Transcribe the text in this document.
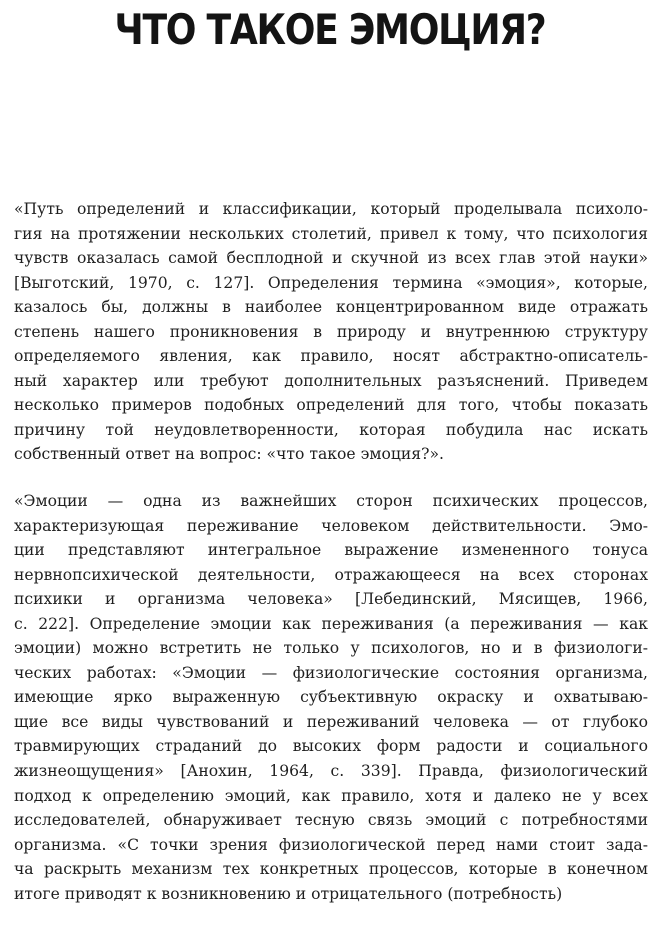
ЧТО ТАКОЕ ЭМОЦИЯ?
«Путь определений и классификации, который проделывала психоло-
гия на протяжении нескольких столетий, привел к тому, что психология
чувств оказалась самой бесплодной и скучной из всех глав этой науки»
[Выготский, 1970, с. 127]. Определения термина «эмоция», которые,
казалось бы, должны в наиболее концентрированном виде отражать
степень нашего проникновения в природу и внутреннюю структуру
определяемого явления, как правило, носят абстрактно-описатель-
ный характер или требуют дополнительных разъяснений. Приведем
несколько примеров подобных определений для того, чтобы показать
причину той неудовлетворенности, которая побудила нас искать
собственный ответ на вопрос: «что такое эмоция?».
«Эмоции — одна из важнейших сторон психических процессов,
характеризующая переживание человеком действительности. Эмо-
ции представляют интегральное выражение измененного тонуса
нервнопсихической деятельности, отражающееся на всех сторонах
психики и организма человека» [Лебединский, Мясищев, 1966,
с. 222]. Определение эмоции как переживания (а переживания — как
эмоции) можно встретить не только у психологов, но и в физиологи-
ческих работах: «Эмоции — физиологические состояния организма,
имеющие ярко выраженную субъективную окраску и охватываю-
щие все виды чувствований и переживаний человека — от глубоко
травмирующих страданий до высоких форм радости и социального
жизнеощущения» [Анохин, 1964, с. 339]. Правда, физиологический
подход к определению эмоций, как правило, хотя и далеко не у всех
исследователей, обнаруживает тесную связь эмоций с потребностями
организма. «С точки зрения физиологической перед нами стоит зада-
ча раскрыть механизм тех конкретных процессов, которые в конечном
итоге приводят к возникновению и отрицательного (потребность)
